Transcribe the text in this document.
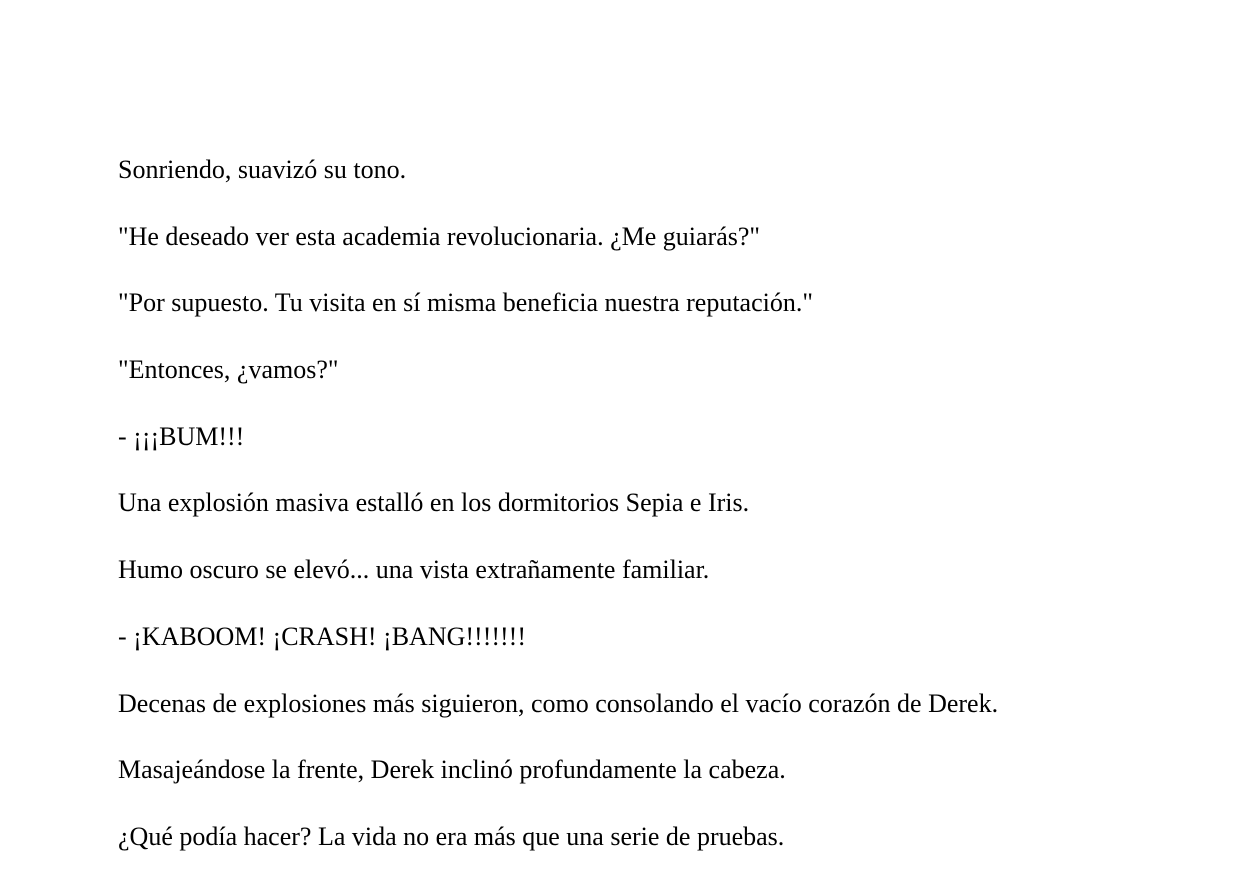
Sonriendo, suavizó su tono.

"He deseado ver esta academia revolucionaria. ¿Me guiarás?"

"Por supuesto. Tu visita en sí misma beneficia nuestra reputación."

"Entonces, ¿vamos?"

- ¡¡¡BUM!!!

Una explosión masiva estalló en los dormitorios Sepia e Iris.

Humo oscuro se elevó... una vista extrañamente familiar.

- ¡KABOOM! ¡CRASH! ¡BANG!!!!!!!

Decenas de explosiones más siguieron, como consolando el vacío corazón de Derek.

Masajeándose la frente, Derek inclinó profundamente la cabeza.

¿Qué podía hacer? La vida no era más que una serie de pruebas.
